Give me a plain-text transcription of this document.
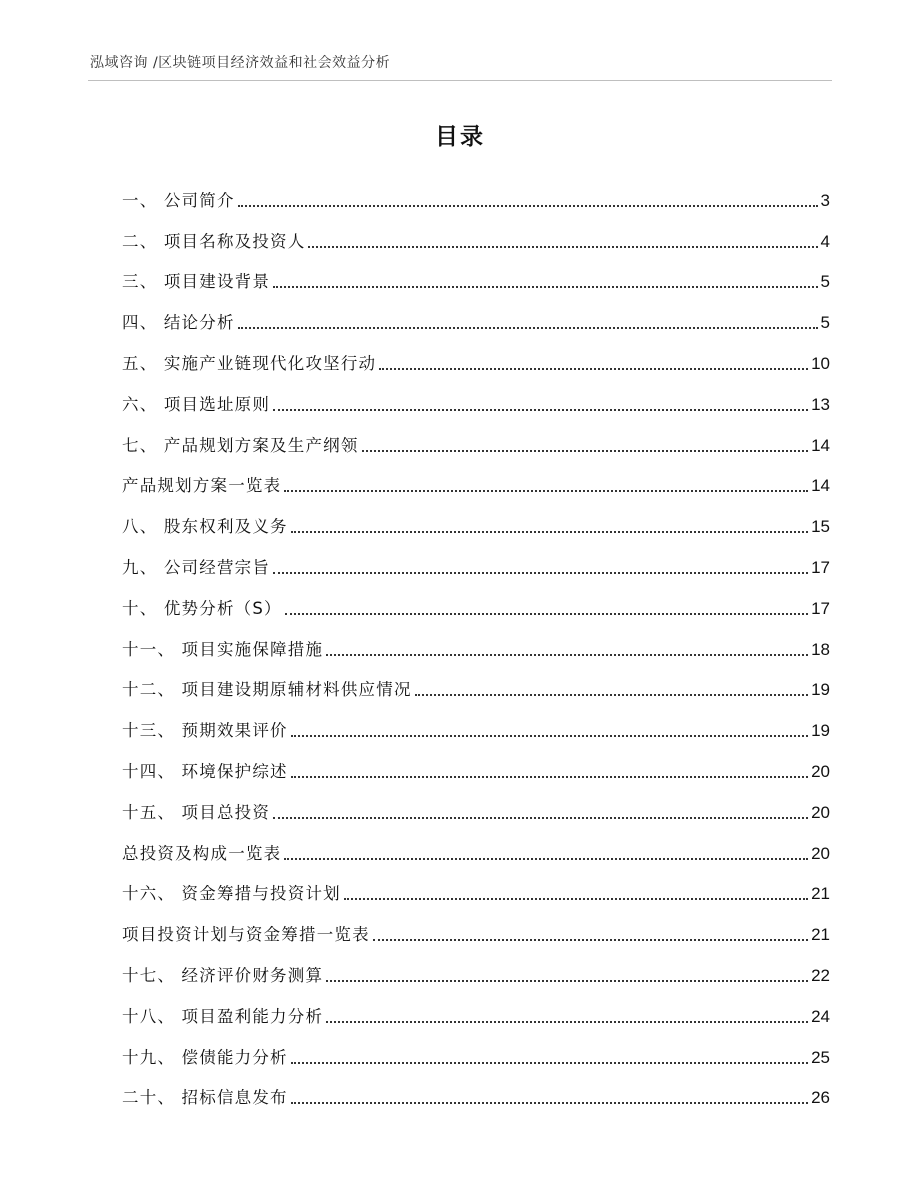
泓域咨询 /区块链项目经济效益和社会效益分析
目录
一、 公司简介	3
二、 项目名称及投资人	4
三、 项目建设背景	5
四、 结论分析	5
五、 实施产业链现代化攻坚行动	10
六、 项目选址原则	13
七、 产品规划方案及生产纲领	14
产品规划方案一览表	14
八、 股东权利及义务	15
九、 公司经营宗旨	17
十、 优势分析（S）	17
十一、 项目实施保障措施	18
十二、 项目建设期原辅材料供应情况	19
十三、 预期效果评价	19
十四、 环境保护综述	20
十五、 项目总投资	20
总投资及构成一览表	20
十六、 资金筹措与投资计划	21
项目投资计划与资金筹措一览表	21
十七、 经济评价财务测算	22
十八、 项目盈利能力分析	24
十九、 偿债能力分析	25
二十、 招标信息发布	26
